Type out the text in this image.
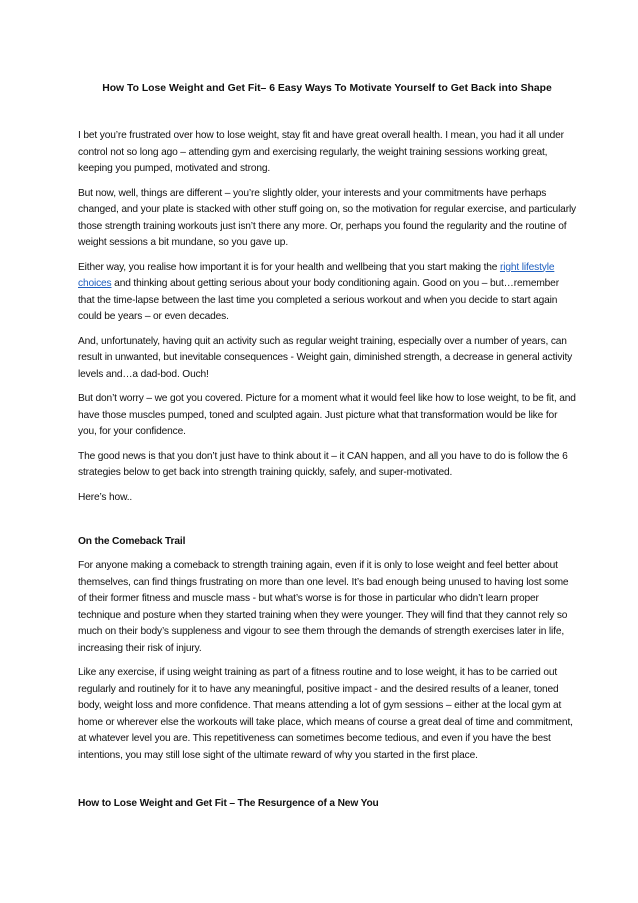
How To Lose Weight and Get Fit– 6 Easy Ways To Motivate Yourself to Get Back into Shape

I bet you’re frustrated over how to lose weight, stay fit and have great overall health. I mean, you had it all under control not so long ago – attending gym and exercising regularly, the weight training sessions working great, keeping you pumped, motivated and strong.

But now, well, things are different – you’re slightly older, your interests and your commitments have perhaps changed, and your plate is stacked with other stuff going on, so the motivation for regular exercise, and particularly those strength training workouts just isn’t there any more. Or, perhaps you found the regularity and the routine of weight sessions a bit mundane, so you gave up.

Either way, you realise how important it is for your health and wellbeing that you start making the right lifestyle choices and thinking about getting serious about your body conditioning again. Good on you – but…remember that the time-lapse between the last time you completed a serious workout and when you decide to start again could be years – or even decades.

And, unfortunately, having quit an activity such as regular weight training, especially over a number of years, can result in unwanted, but inevitable consequences - Weight gain, diminished strength, a decrease in general activity levels and…a dad-bod. Ouch!

But don’t worry – we got you covered. Picture for a moment what it would feel like how to lose weight, to be fit, and have those muscles pumped, toned and sculpted again. Just picture what that transformation would be like for you, for your confidence.

The good news is that you don’t just have to think about it – it CAN happen, and all you have to do is follow the 6 strategies below to get back into strength training quickly, safely, and super-motivated.

Here’s how..

On the Comeback Trail

For anyone making a comeback to strength training again, even if it is only to lose weight and feel better about themselves, can find things frustrating on more than one level. It’s bad enough being unused to having lost some of their former fitness and muscle mass - but what’s worse is for those in particular who didn’t learn proper technique and posture when they started training when they were younger. They will find that they cannot rely so much on their body’s suppleness and vigour to see them through the demands of strength exercises later in life, increasing their risk of injury.

Like any exercise, if using weight training as part of a fitness routine and to lose weight, it has to be carried out regularly and routinely for it to have any meaningful, positive impact - and the desired results of a leaner, toned body, weight loss and more confidence. That means attending a lot of gym sessions – either at the local gym at home or wherever else the workouts will take place, which means of course a great deal of time and commitment, at whatever level you are. This repetitiveness can sometimes become tedious, and even if you have the best intentions, you may still lose sight of the ultimate reward of why you started in the first place.

How to Lose Weight and Get Fit – The Resurgence of a New You
